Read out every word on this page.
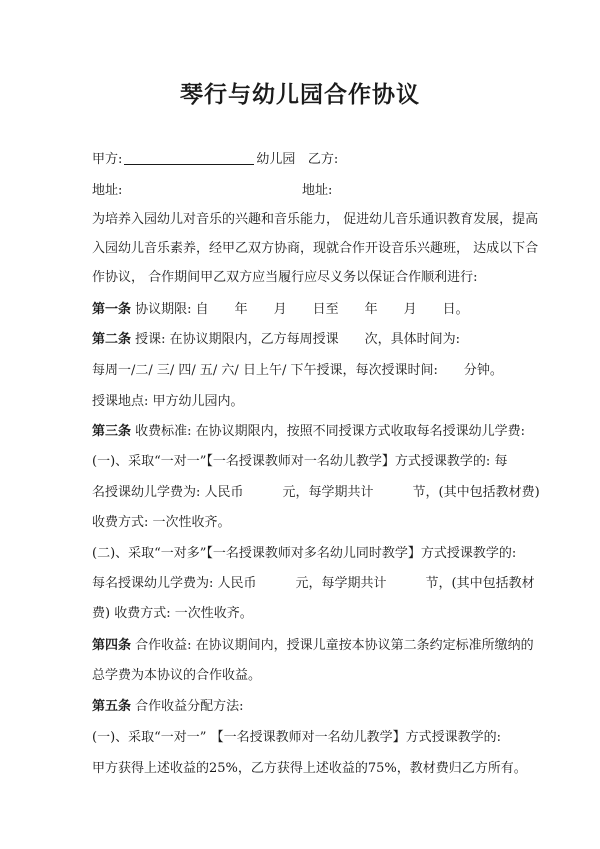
琴行与幼儿园合作协议
甲方:	幼儿园 乙方:
地址:	地址:
为培养入园幼儿对音乐的兴趣和音乐能力， 促进幼儿音乐通识教育发展，提高
入园幼儿音乐素养，经甲乙双方协商，现就合作开设音乐兴趣班， 达成以下合
作协议， 合作期间甲乙双方应当履行应尽义务以保证合作顺利进行:
第一条 协议期限: 自　　年　　月　　日至　　年　　月　　日。
第二条 授课: 在协议期限内，乙方每周授课　　次，具体时间为:
每周一/二/ 三/ 四/ 五/ 六/ 日上午/ 下午授课，每次授课时间:　　分钟。
授课地点: 甲方幼儿园内。
第三条 收费标准: 在协议期限内，按照不同授课方式收取每名授课幼儿学费:
(一)、采取“一对一”【一名授课教师对一名幼儿教学】方式授课教学的: 每
名授课幼儿学费为: 人民币　　　元，每学期共计　　　节，(其中包括教材费)
收费方式: 一次性收齐。
(二)、采取“一对多”【一名授课教师对多名幼儿同时教学】方式授课教学的:
每名授课幼儿学费为: 人民币　　　元，每学期共计　　　节，(其中包括教材
费) 收费方式: 一次性收齐。
第四条 合作收益: 在协议期间内，授课儿童按本协议第二条约定标准所缴纳的
总学费为本协议的合作收益。
第五条 合作收益分配方法:
(一)、采取“一对一” 【一名授课教师对一名幼儿教学】方式授课教学的:
甲方获得上述收益的25%，乙方获得上述收益的75%，教材费归乙方所有。
